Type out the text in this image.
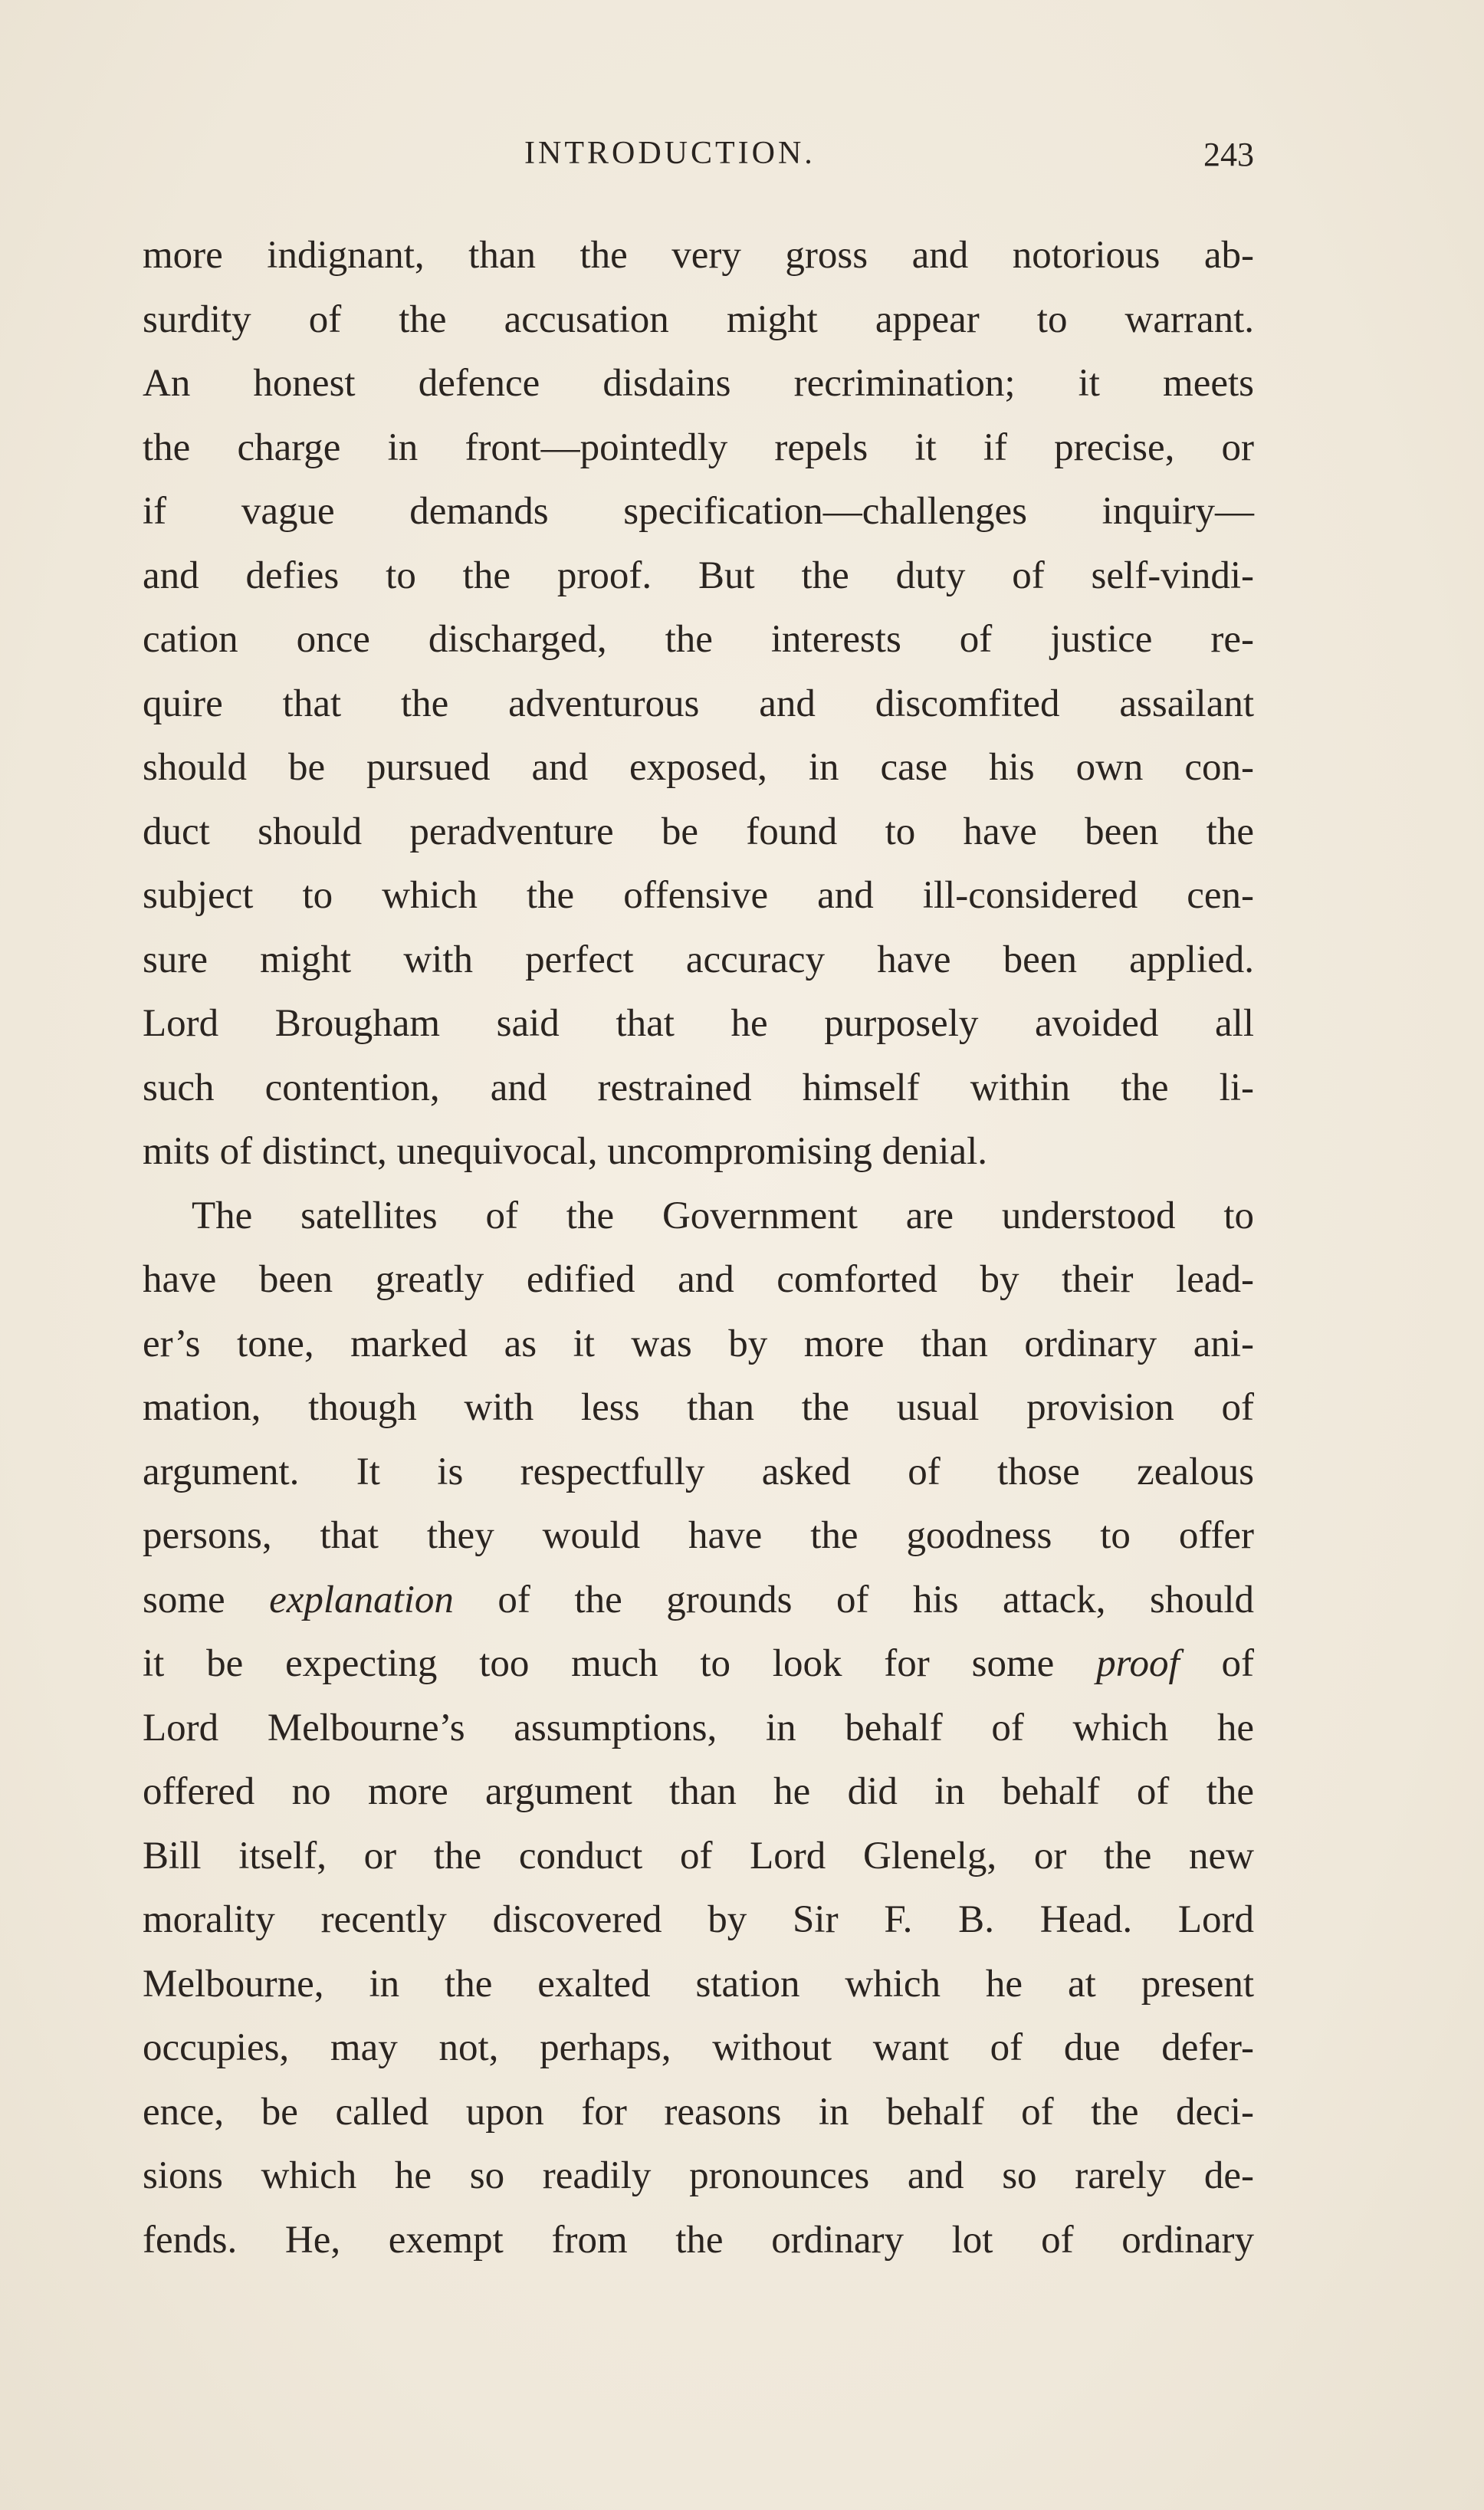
INTRODUCTION.	243
more indignant, than the very gross and notorious ab-
surdity of the accusation might appear to warrant.
An honest defence disdains recrimination; it meets
the charge in front—pointedly repels it if precise, or
if vague demands specification—challenges inquiry—
and defies to the proof. But the duty of self-vindi-
cation once discharged, the interests of justice re-
quire that the adventurous and discomfited assailant
should be pursued and exposed, in case his own con-
duct should peradventure be found to have been the
subject to which the offensive and ill-considered cen-
sure might with perfect accuracy have been applied.
Lord Brougham said that he purposely avoided all
such contention, and restrained himself within the li-
mits of distinct, unequivocal, uncompromising denial.
The satellites of the Government are understood to
have been greatly edified and comforted by their lead-
er’s tone, marked as it was by more than ordinary ani-
mation, though with less than the usual provision of
argument. It is respectfully asked of those zealous
persons, that they would have the goodness to offer
some explanation of the grounds of his attack, should
it be expecting too much to look for some proof of
Lord Melbourne’s assumptions, in behalf of which he
offered no more argument than he did in behalf of the
Bill itself, or the conduct of Lord Glenelg, or the new
morality recently discovered by Sir F. B. Head. Lord
Melbourne, in the exalted station which he at present
occupies, may not, perhaps, without want of due defer-
ence, be called upon for reasons in behalf of the deci-
sions which he so readily pronounces and so rarely de-
fends. He, exempt from the ordinary lot of ordinary
